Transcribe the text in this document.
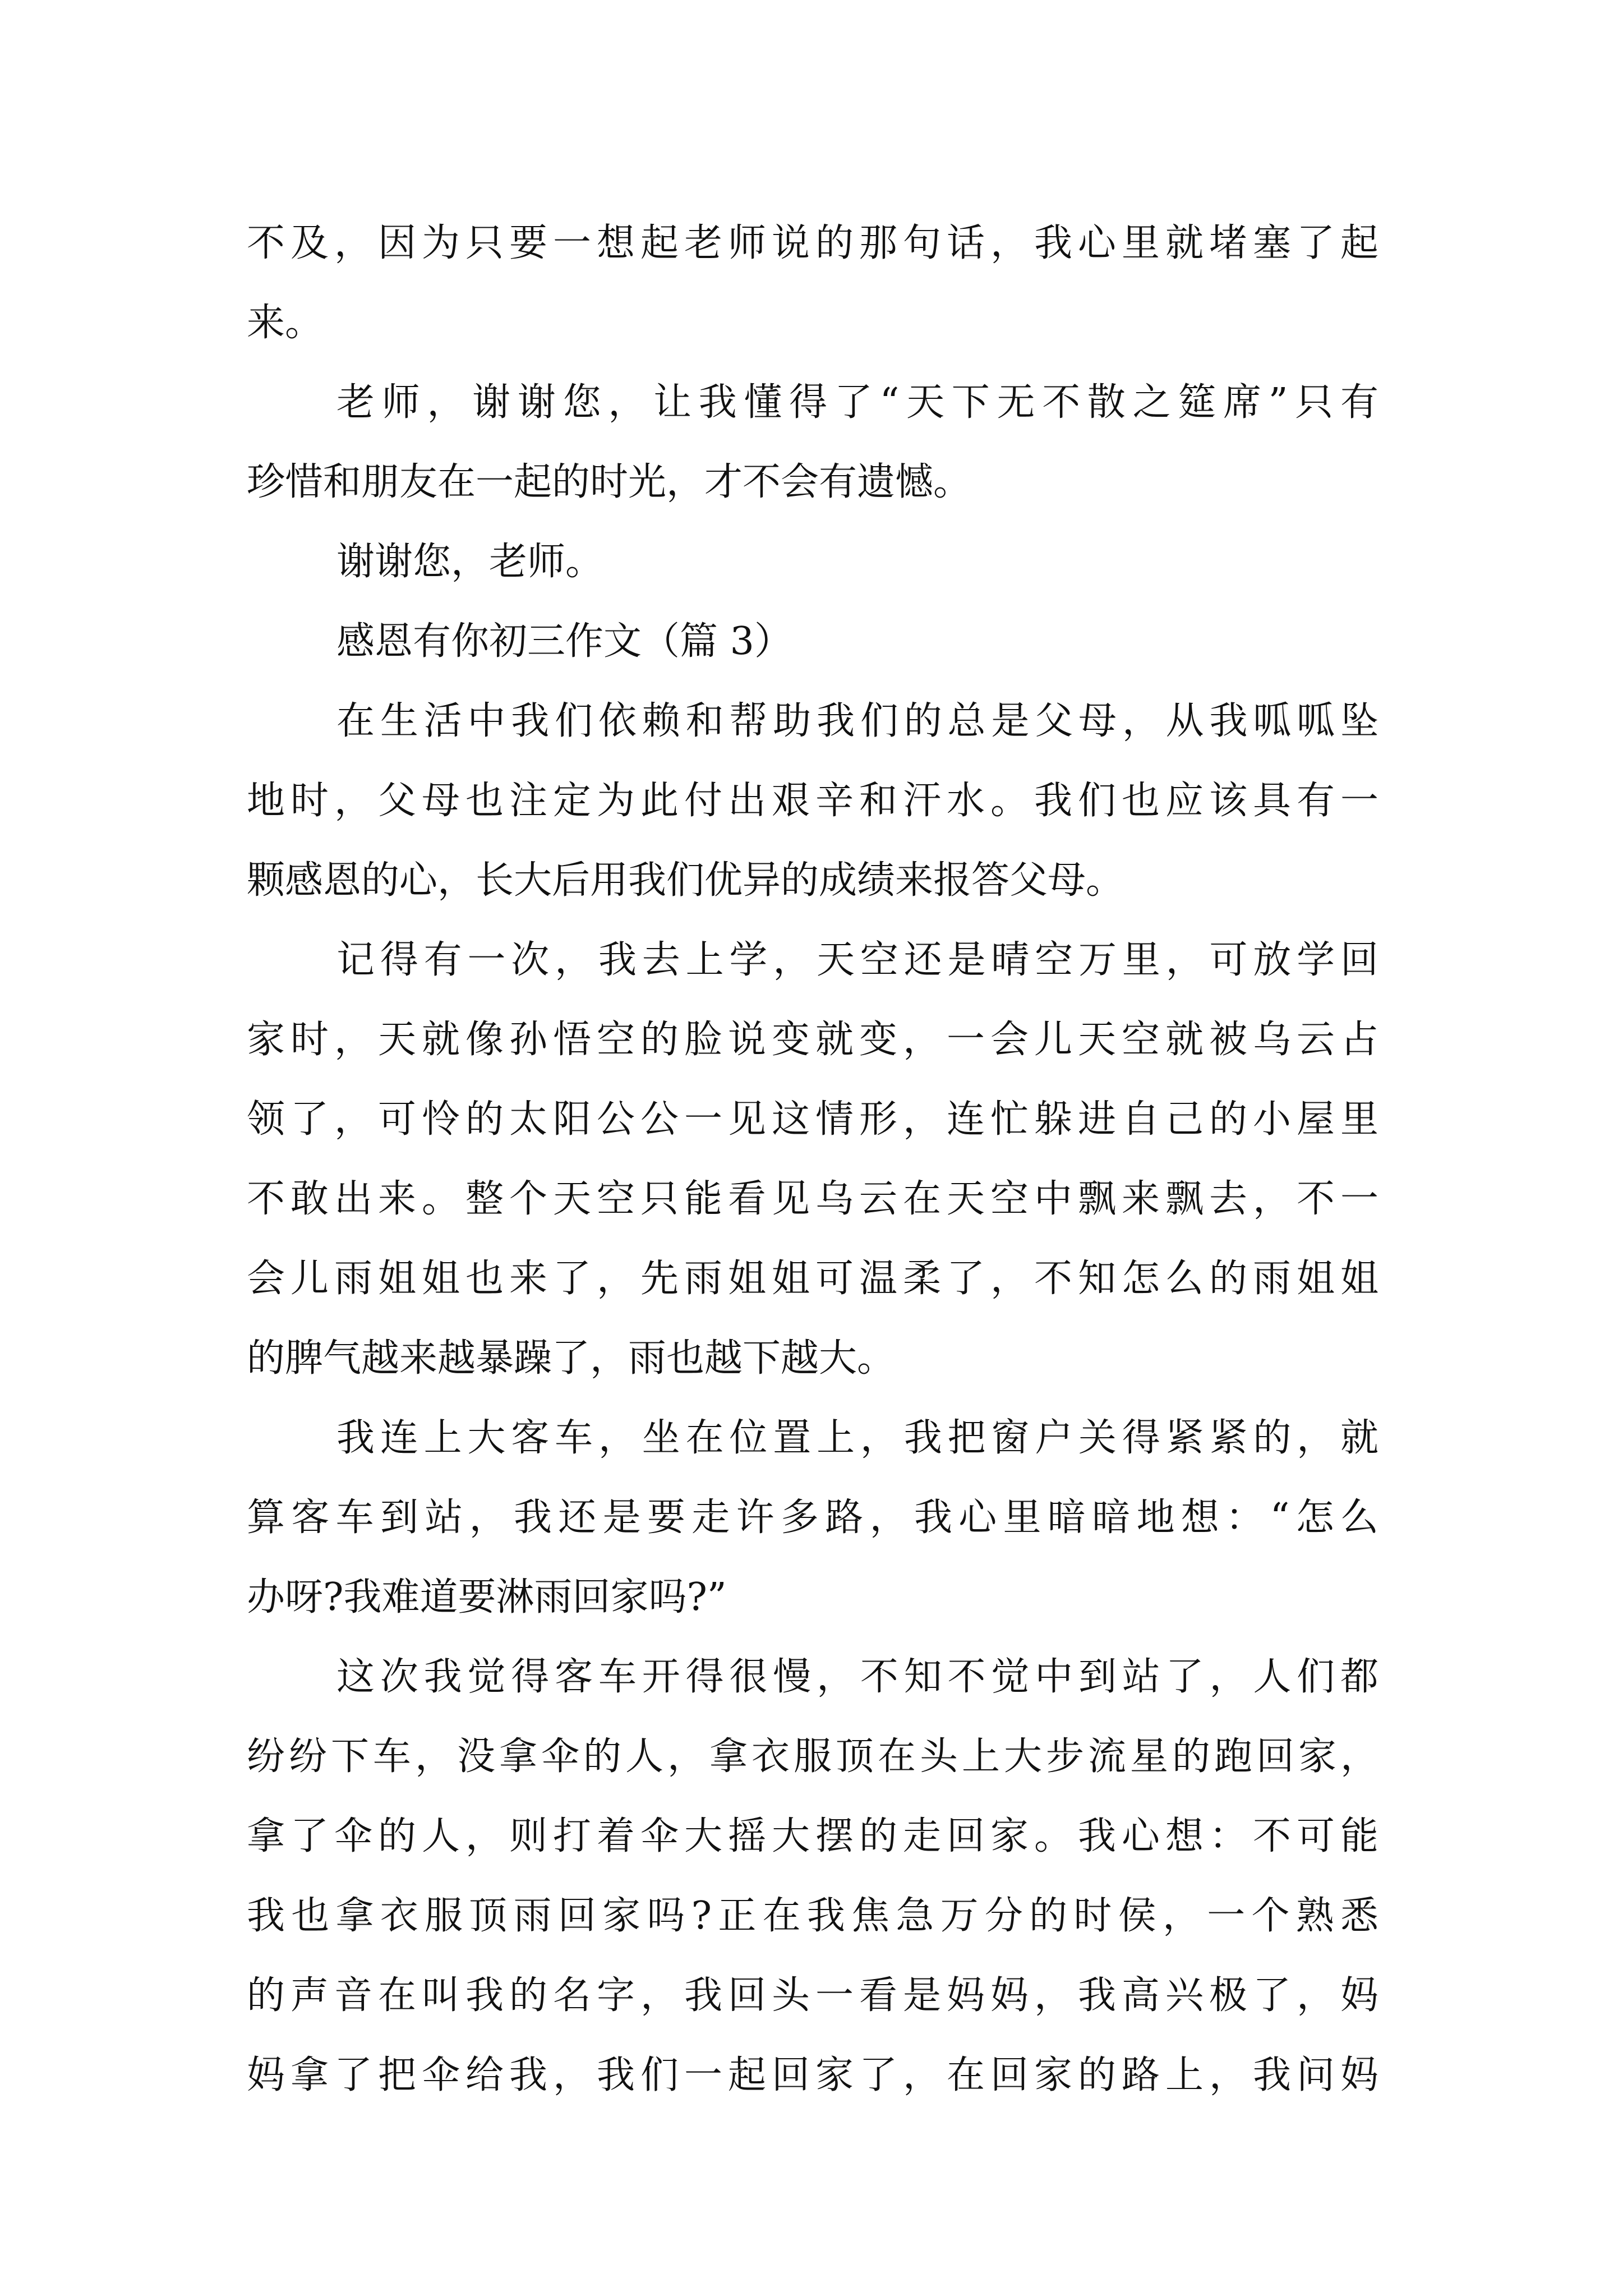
不及，因为只要一想起老师说的那句话，我心里就堵塞了起
来。
老师，谢谢您，让我懂得了“天下无不散之筵席”只有
珍惜和朋友在一起的时光，才不会有遗憾。
谢谢您，老师。
感恩有你初三作文（篇 3）
在生活中我们依赖和帮助我们的总是父母，从我呱呱坠
地时，父母也注定为此付出艰辛和汗水。我们也应该具有一
颗感恩的心，长大后用我们优异的成绩来报答父母。
记得有一次，我去上学，天空还是晴空万里，可放学回
家时，天就像孙悟空的脸说变就变，一会儿天空就被乌云占
领了，可怜的太阳公公一见这情形，连忙躲进自己的小屋里
不敢出来。整个天空只能看见乌云在天空中飘来飘去，不一
会儿雨姐姐也来了，先雨姐姐可温柔了，不知怎么的雨姐姐
的脾气越来越暴躁了，雨也越下越大。
我连上大客车，坐在位置上，我把窗户关得紧紧的，就
算客车到站，我还是要走许多路，我心里暗暗地想：“怎么
办呀?我难道要淋雨回家吗?”
这次我觉得客车开得很慢，不知不觉中到站了，人们都
纷纷下车，没拿伞的人，拿衣服顶在头上大步流星的跑回家，
拿了伞的人，则打着伞大摇大摆的走回家。我心想：不可能
我也拿衣服顶雨回家吗?正在我焦急万分的时侯，一个熟悉
的声音在叫我的名字，我回头一看是妈妈，我高兴极了，妈
妈拿了把伞给我，我们一起回家了，在回家的路上，我问妈
